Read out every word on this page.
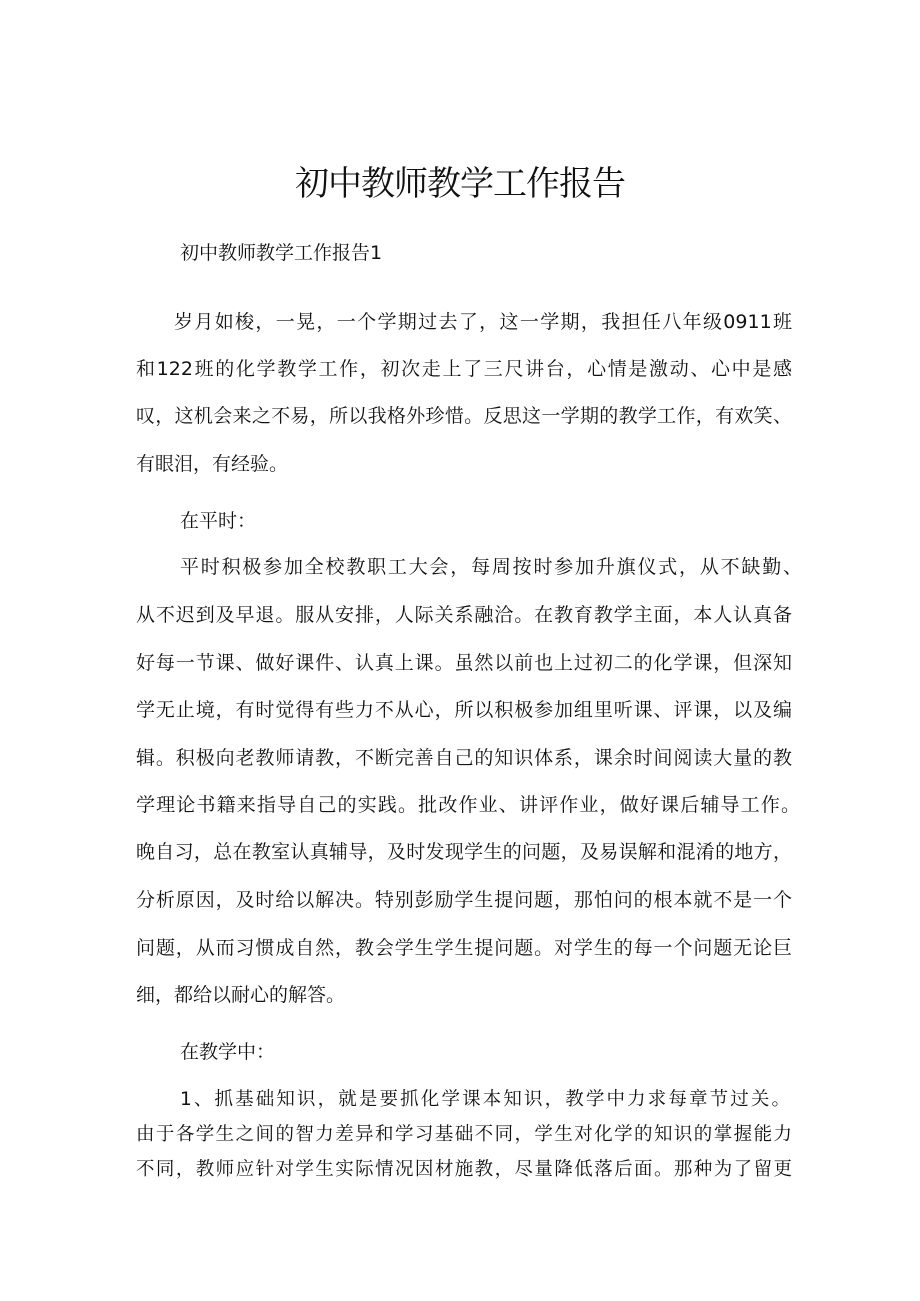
初中教师教学工作报告
初中教师教学工作报告1
岁月如梭，一晃，一个学期过去了，这一学期，我担任八年级0911班
和122班的化学教学工作，初次走上了三尺讲台，心情是激动、心中是感
叹，这机会来之不易，所以我格外珍惜。反思这一学期的教学工作，有欢笑、
有眼泪，有经验。
在平时：
平时积极参加全校教职工大会，每周按时参加升旗仪式，从不缺勤、
从不迟到及早退。服从安排，人际关系融洽。在教育教学主面，本人认真备
好每一节课、做好课件、认真上课。虽然以前也上过初二的化学课，但深知
学无止境，有时觉得有些力不从心，所以积极参加组里听课、评课，以及编
辑。积极向老教师请教，不断完善自己的知识体系，课余时间阅读大量的教
学理论书籍来指导自己的实践。批改作业、讲评作业，做好课后辅导工作。
晚自习，总在教室认真辅导，及时发现学生的问题，及易误解和混淆的地方，
分析原因，及时给以解决。特别彭励学生提问题，那怕问的根本就不是一个
问题，从而习惯成自然，教会学生学生提问题。对学生的每一个问题无论巨
细，都给以耐心的解答。
在教学中：
1、抓基础知识，就是要抓化学课本知识，教学中力求每章节过关。
由于各学生之间的智力差异和学习基础不同，学生对化学的知识的掌握能力
不同，教师应针对学生实际情况因材施教，尽量降低落后面。那种为了留更
